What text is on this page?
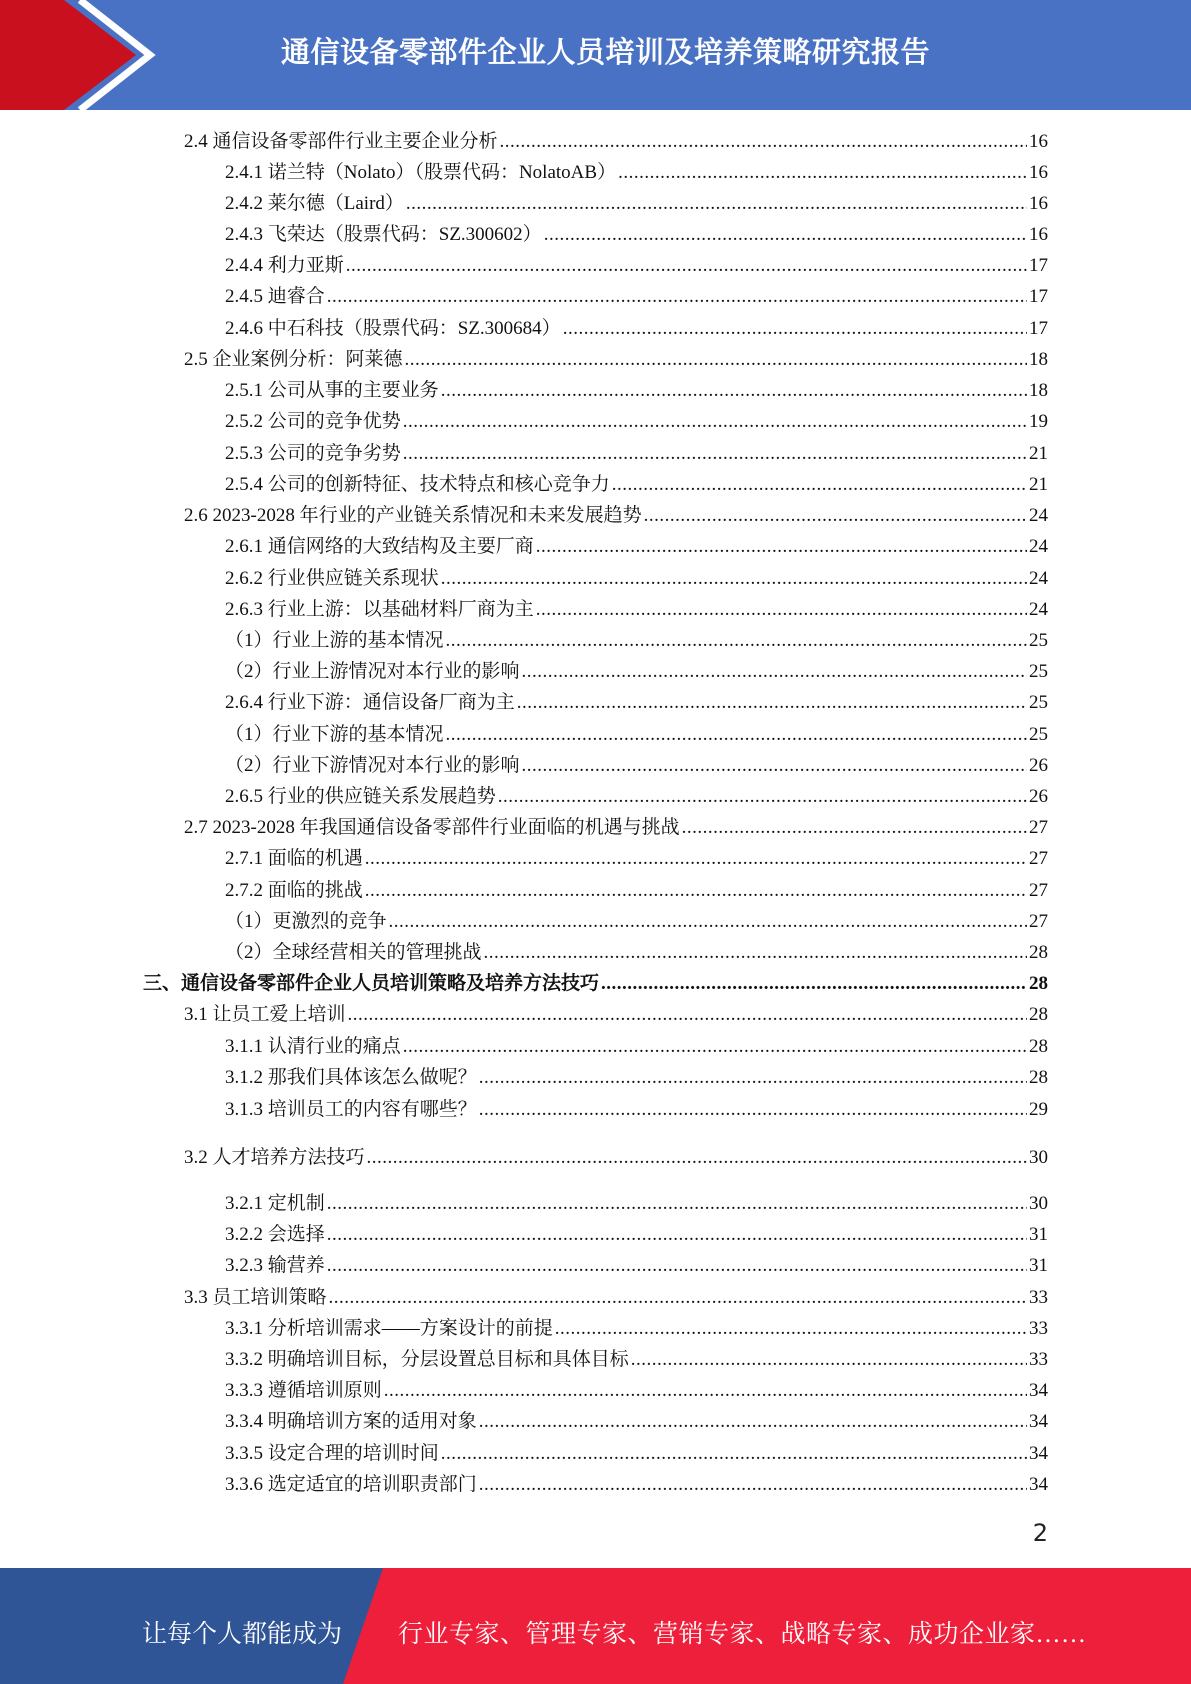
通信设备零部件企业人员培训及培养策略研究报告
2.4 通信设备零部件行业主要企业分析 .....	16
2.4.1 诺兰特（Nolato）（股票代码：NolatoAB） .....	16
2.4.2 莱尔德（Laird） .....	16
2.4.3 飞荣达（股票代码：SZ.300602） .....	16
2.4.4 利力亚斯 .....	17
2.4.5 迪睿合 .....	17
2.4.6 中石科技（股票代码：SZ.300684） .....	17
2.5 企业案例分析：阿莱德 .....	18
2.5.1 公司从事的主要业务 .....	18
2.5.2 公司的竞争优势 .....	19
2.5.3 公司的竞争劣势 .....	21
2.5.4 公司的创新特征、技术特点和核心竞争力 .....	21
2.6 2023-2028 年行业的产业链关系情况和未来发展趋势 .....	24
2.6.1 通信网络的大致结构及主要厂商 .....	24
2.6.2 行业供应链关系现状 .....	24
2.6.3 行业上游：以基础材料厂商为主 .....	24
（1）行业上游的基本情况 .....	25
（2）行业上游情况对本行业的影响 .....	25
2.6.4 行业下游：通信设备厂商为主 .....	25
（1）行业下游的基本情况 .....	25
（2）行业下游情况对本行业的影响 .....	26
2.6.5 行业的供应链关系发展趋势 .....	26
2.7 2023-2028 年我国通信设备零部件行业面临的机遇与挑战 .....	27
2.7.1 面临的机遇 .....	27
2.7.2 面临的挑战 .....	27
（1）更激烈的竞争 .....	27
（2）全球经营相关的管理挑战 .....	28
三、通信设备零部件企业人员培训策略及培养方法技巧 .....	28
3.1 让员工爱上培训 .....	28
3.1.1 认清行业的痛点 .....	28
3.1.2 那我们具体该怎么做呢？ .....	28
3.1.3 培训员工的内容有哪些？ .....	29
3.2 人才培养方法技巧 .....	30
3.2.1 定机制 .....	30
3.2.2 会选择 .....	31
3.2.3 输营养 .....	31
3.3 员工培训策略 .....	33
3.3.1 分析培训需求——方案设计的前提 .....	33
3.3.2 明确培训目标，分层设置总目标和具体目标 .....	33
3.3.3 遵循培训原则 .....	34
3.3.4 明确培训方案的适用对象 .....	34
3.3.5 设定合理的培训时间 .....	34
3.3.6 选定适宜的培训职责部门 .....	34
2
让每个人都能成为 行业专家、管理专家、营销专家、战略专家、成功企业家……
